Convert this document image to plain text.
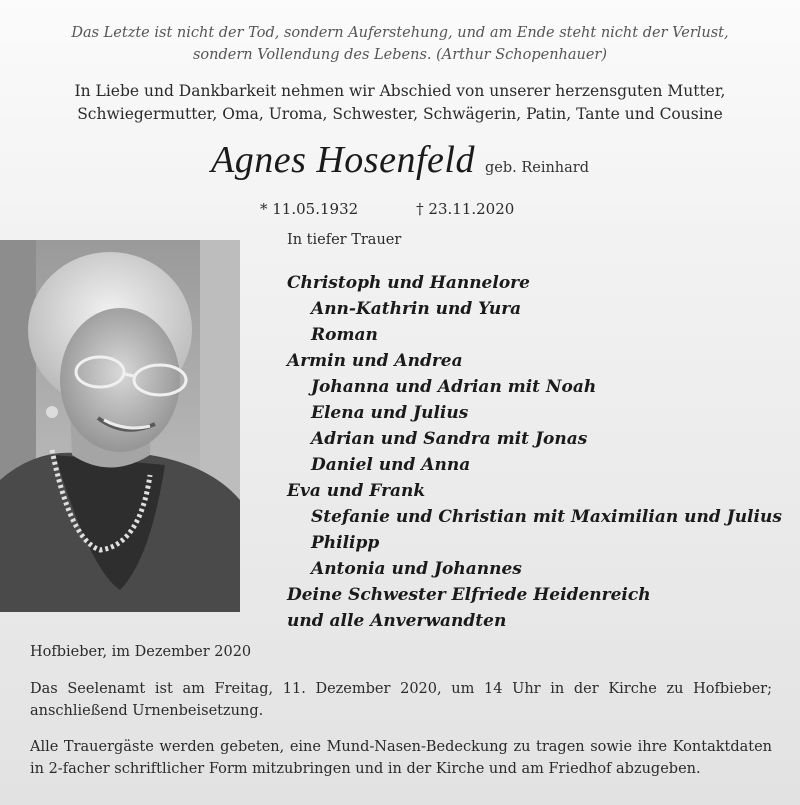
Das Letzte ist nicht der Tod, sondern Auferstehung, und am Ende steht nicht der Verlust,
sondern Vollendung des Lebens. (Arthur Schopenhauer)
In Liebe und Dankbarkeit nehmen wir Abschied von unserer herzensguten Mutter,
Schwiegermutter, Oma, Uroma, Schwester, Schwägerin, Patin, Tante und Cousine
Agnes Hosenfeld geb. Reinhard
* 11.05.1932	† 23.11.2020
In tiefer Trauer
Christoph und Hannelore
Ann-Kathrin und Yura
Roman
Armin und Andrea
Johanna und Adrian mit Noah
Elena und Julius
Adrian und Sandra mit Jonas
Daniel und Anna
Eva und Frank
Stefanie und Christian mit Maximilian und Julius
Philipp
Antonia und Johannes
Deine Schwester Elfriede Heidenreich
und alle Anverwandten
Hofbieber, im Dezember 2020
Das Seelenamt ist am Freitag, 11. Dezember 2020, um 14 Uhr in der Kirche zu Hofbieber; anschließend Urnenbeisetzung.
Alle Trauergäste werden gebeten, eine Mund-Nasen-Bedeckung zu tragen sowie ihre Kontaktdaten in 2-facher schriftlicher Form mitzubringen und in der Kirche und am Friedhof abzugeben.
